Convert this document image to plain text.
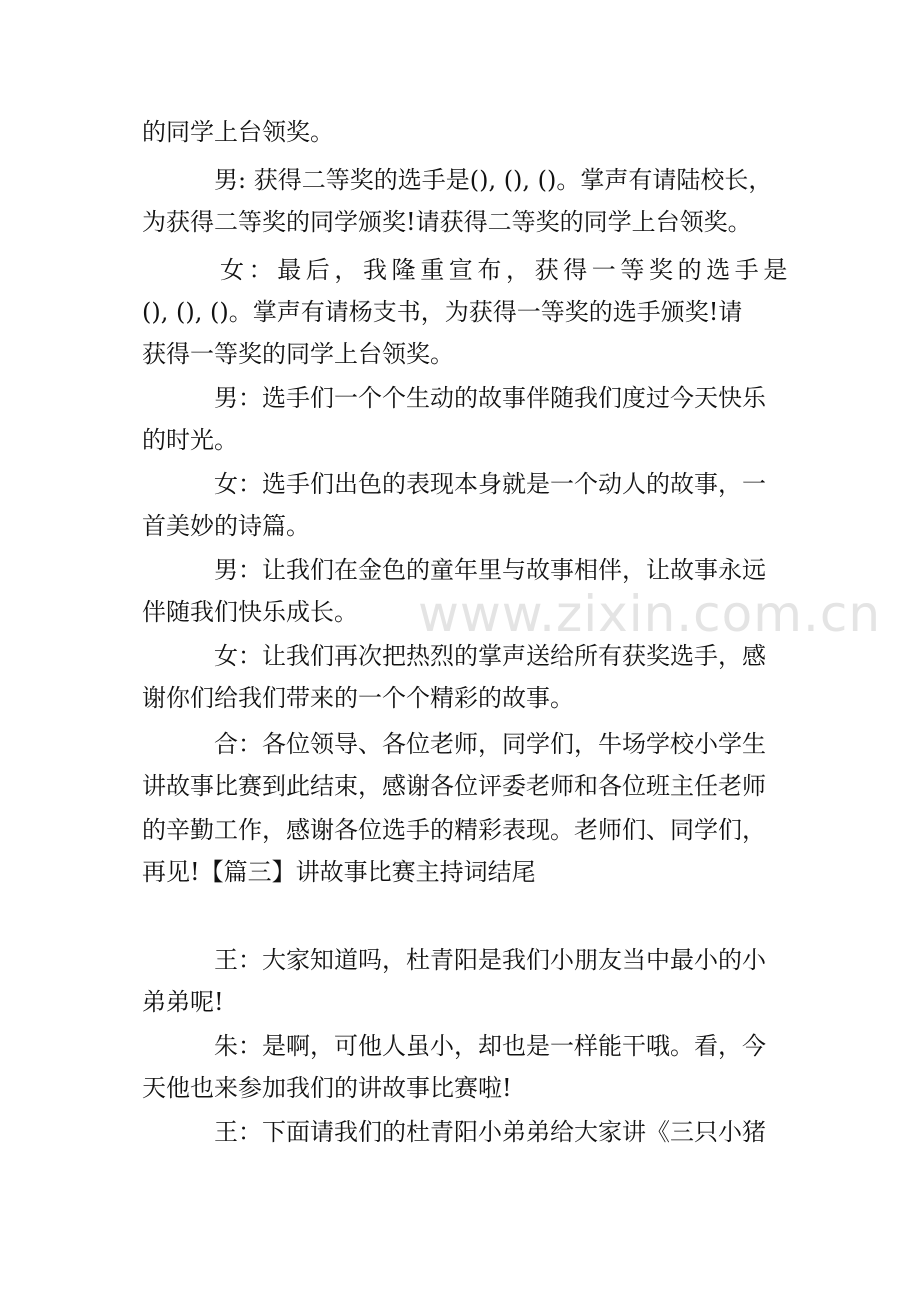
www.zixin.com.cn

的同学上台领奖。

男: 获得二等奖的选手是(), (), ()。掌声有请陆校长，

为获得二等奖的同学颁奖!请获得二等奖的同学上台领奖。

女：最后，我隆重宣布，获得一等奖的选手是

(), (), ()。掌声有请杨支书，为获得一等奖的选手颁奖!请

获得一等奖的同学上台领奖。

男：选手们一个个生动的故事伴随我们度过今天快乐

的时光。

女：选手们出色的表现本身就是一个动人的故事，一

首美妙的诗篇。

男：让我们在金色的童年里与故事相伴，让故事永远

伴随我们快乐成长。

女：让我们再次把热烈的掌声送给所有获奖选手，感

谢你们给我们带来的一个个精彩的故事。

合：各位领导、各位老师，同学们，牛场学校小学生

讲故事比赛到此结束，感谢各位评委老师和各位班主任老师

的辛勤工作，感谢各位选手的精彩表现。老师们、同学们，

再见!【篇三】讲故事比赛主持词结尾

王：大家知道吗，杜青阳是我们小朋友当中最小的小

弟弟呢!

朱：是啊，可他人虽小，却也是一样能干哦。看，今

天他也来参加我们的讲故事比赛啦!

王：下面请我们的杜青阳小弟弟给大家讲《三只小猪
